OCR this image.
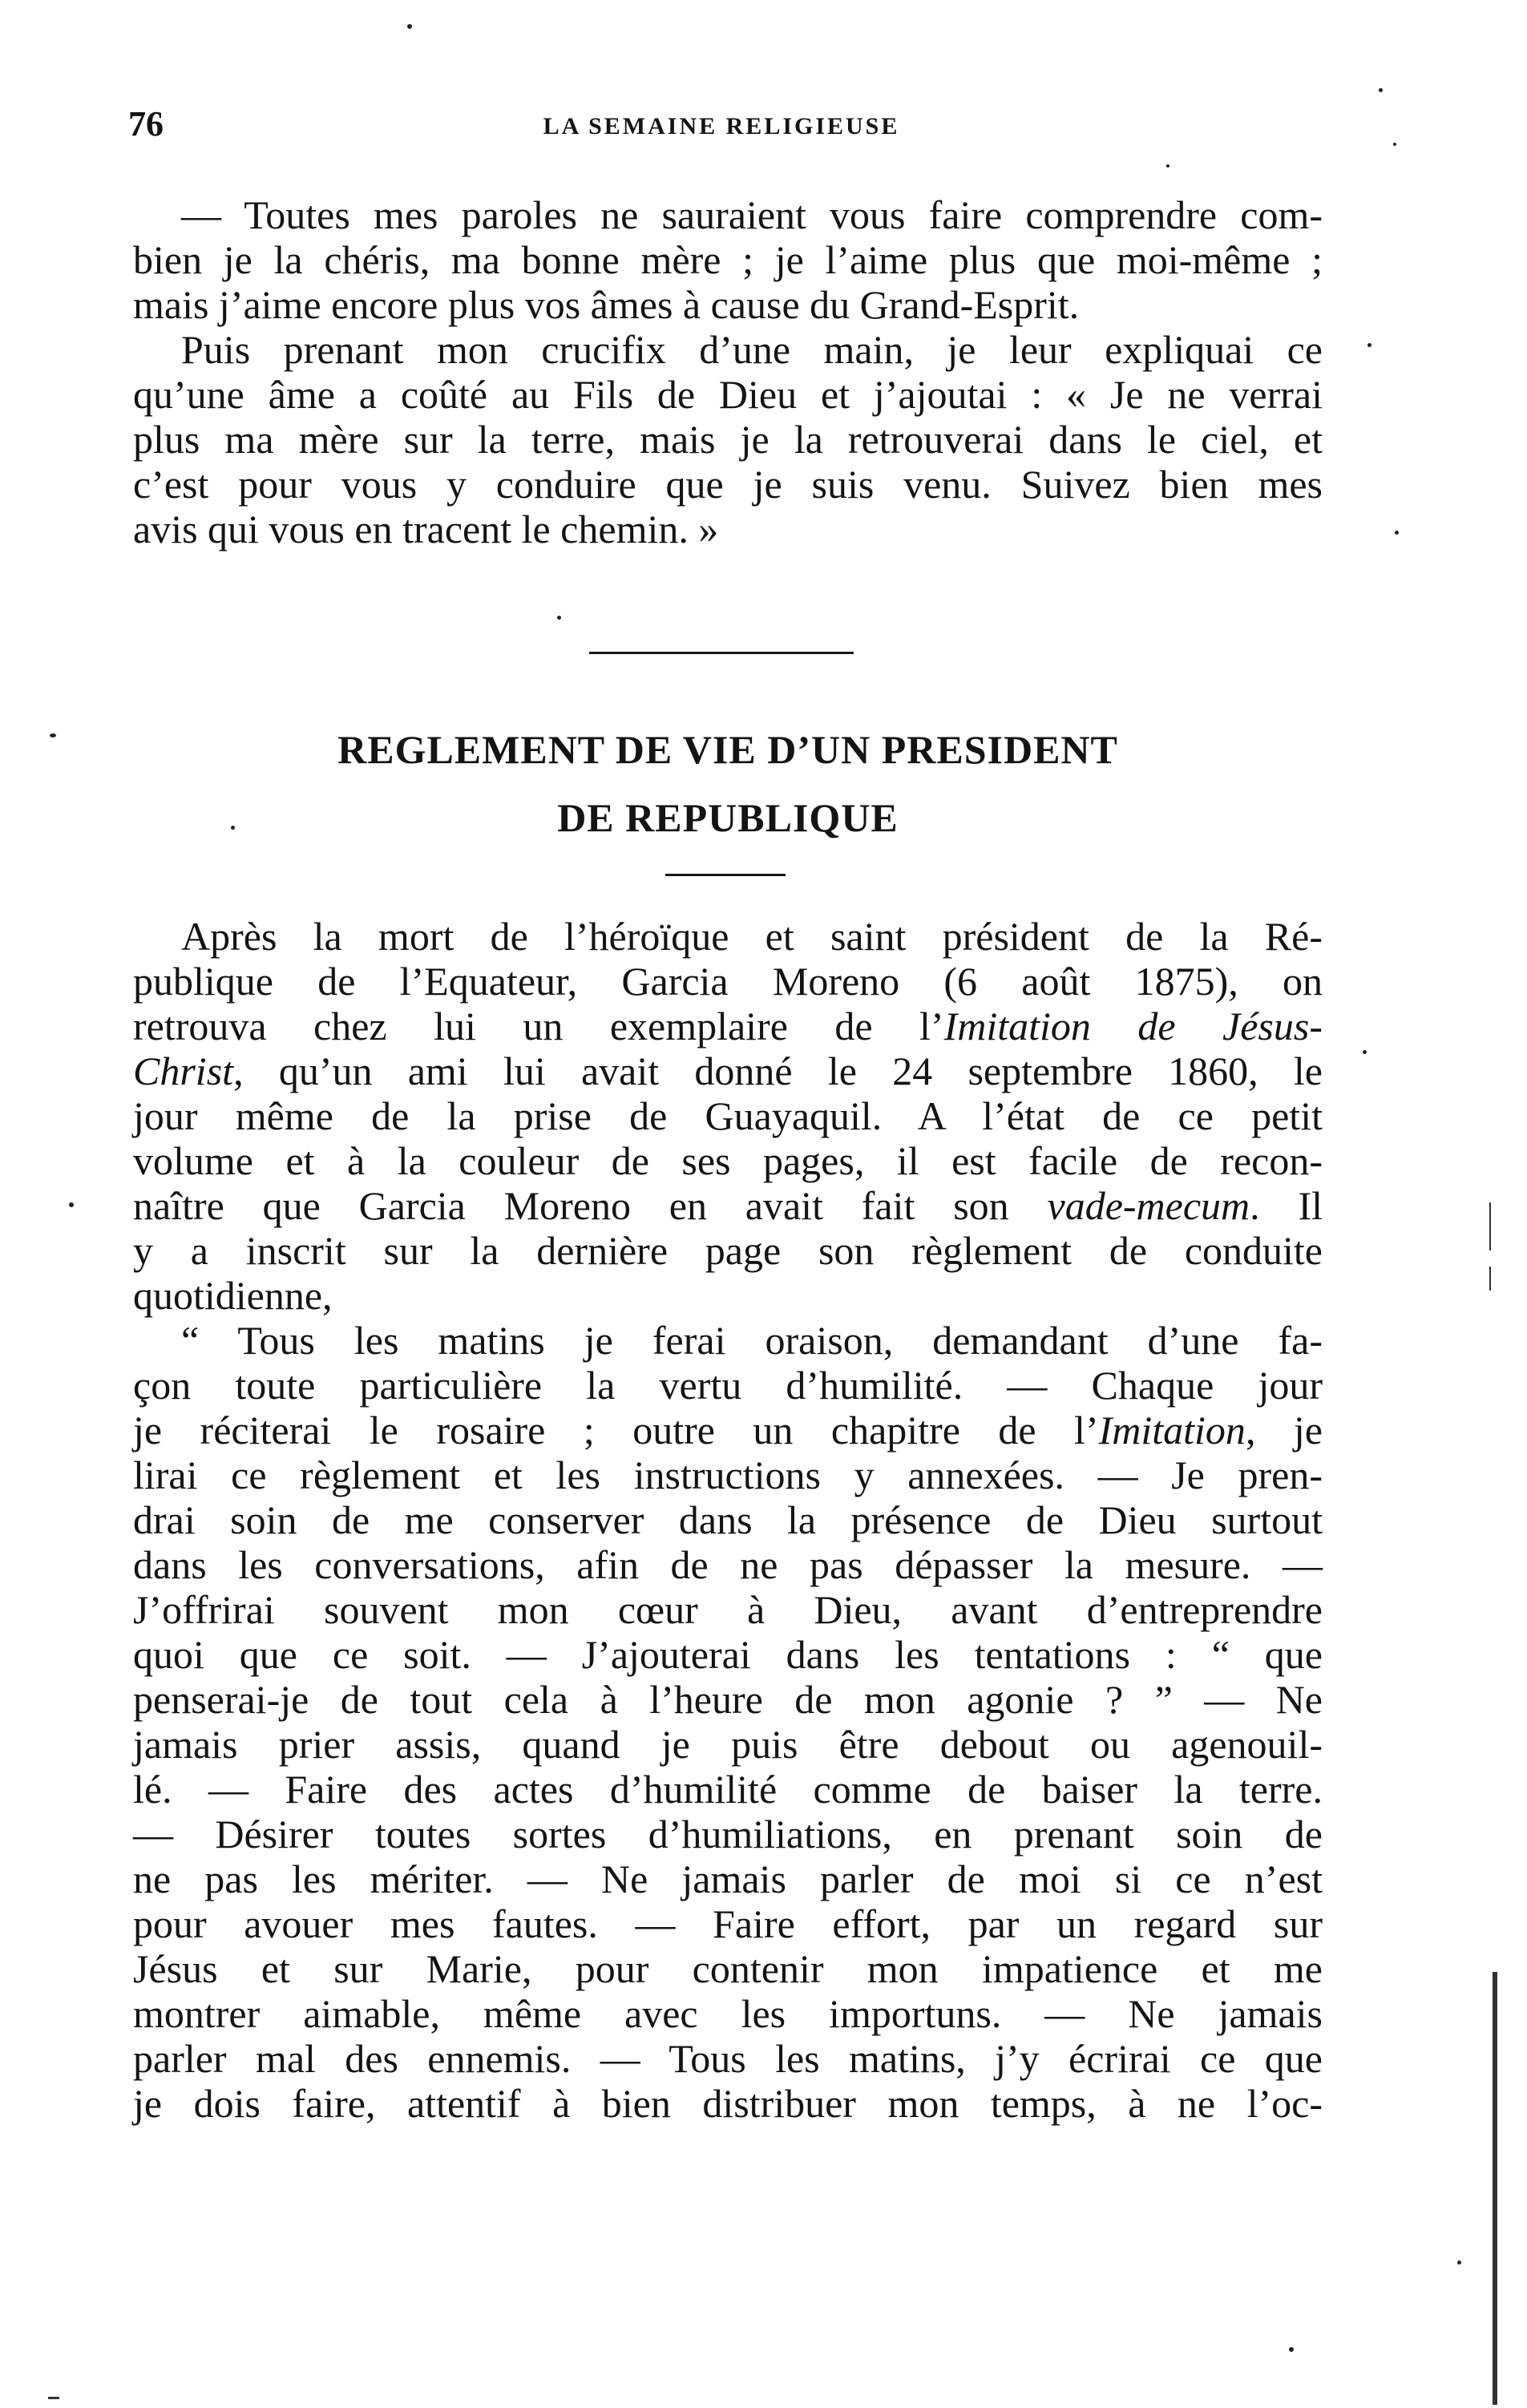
76	LA SEMAINE RELIGIEUSE
— Toutes mes paroles ne sauraient vous faire comprendre com-
bien je la chéris, ma bonne mère ; je l’aime plus que moi-même ;
mais j’aime encore plus vos âmes à cause du Grand-Esprit.
Puis prenant mon crucifix d’une main, je leur expliquai ce
qu’une âme a coûté au Fils de Dieu et j’ajoutai : « Je ne verrai
plus ma mère sur la terre, mais je la retrouverai dans le ciel, et
c’est pour vous y conduire que je suis venu. Suivez bien mes
avis qui vous en tracent le chemin. »
REGLEMENT DE VIE D’UN PRESIDENT
DE REPUBLIQUE
Après la mort de l’héroïque et saint président de la Ré-
publique de l’Equateur, Garcia Moreno (6 août 1875), on
retrouva chez lui un exemplaire de l’Imitation de Jésus-
Christ, qu’un ami lui avait donné le 24 septembre 1860, le
jour même de la prise de Guayaquil. A l’état de ce petit
volume et à la couleur de ses pages, il est facile de recon-
naître que Garcia Moreno en avait fait son vade-mecum. Il
y a inscrit sur la dernière page son règlement de conduite
quotidienne,
“ Tous les matins je ferai oraison, demandant d’une fa-
çon toute particulière la vertu d’humilité. — Chaque jour
je réciterai le rosaire ; outre un chapitre de l’Imitation, je
lirai ce règlement et les instructions y annexées. — Je pren-
drai soin de me conserver dans la présence de Dieu surtout
dans les conversations, afin de ne pas dépasser la mesure. —
J’offrirai souvent mon cœur à Dieu, avant d’entreprendre
quoi que ce soit. — J’ajouterai dans les tentations : “ que
penserai-je de tout cela à l’heure de mon agonie ? ” — Ne
jamais prier assis, quand je puis être debout ou agenouil-
lé. — Faire des actes d’humilité comme de baiser la terre.
— Désirer toutes sortes d’humiliations, en prenant soin de
ne pas les mériter. — Ne jamais parler de moi si ce n’est
pour avouer mes fautes. — Faire effort, par un regard sur
Jésus et sur Marie, pour contenir mon impatience et me
montrer aimable, même avec les importuns. — Ne jamais
parler mal des ennemis. — Tous les matins, j’y écrirai ce que
je dois faire, attentif à bien distribuer mon temps, à ne l’oc-
